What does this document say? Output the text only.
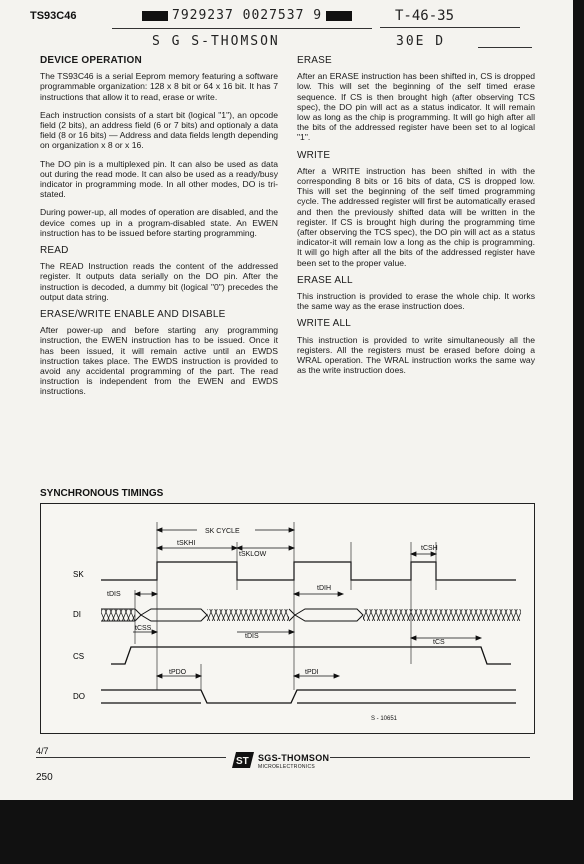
TS93C46	7929237 0027537 9	T-46-35
S G S-THOMSON	30E D
DEVICE OPERATION

The TS93C46 is a serial Eeprom memory featuring a software programmable organization: 128 x 8 bit or 64 x 16 bit. It has 7 instructions that allow it to read, erase or write.

Each instruction consists of a start bit (logical "1"), an opcode field (2 bits), an address field (6 or 7 bits) and optionaly a data field (8 or 16 bits) — Address and data fields length depending on organization x 8 or x 16.

The DO pin is a multiplexed pin. It can also be used as data out during the read mode. It can also be used as a ready/busy indicator in programming mode. In all other modes, DO is tri-stated.

During power-up, all modes of operation are disabled, and the device comes up in a program-disabled state. An EWEN instruction has to be issued before starting programming.

READ

The READ Instruction reads the content of the addressed register. It outputs data serially on the DO pin. After the instruction is decoded, a dummy bit (logical "0") precedes the output data string.

ERASE/WRITE ENABLE AND DISABLE

After power-up and before starting any programming instruction, the EWEN instruction has to be issued. Once it has been issued, it will remain active until an EWDS instruction takes place. The EWDS instruction is provided to avoid any accidental programming of the part. The read instruction is independent from the EWEN and EWDS instructions.

ERASE

After an ERASE instruction has been shifted in, CS is dropped low. This will set the beginning of the self timed erase sequence. If CS is then brought high (after observing TCS spec), the DO pin will act as a status indicator. It will remain low as long as the chip is programming. It will go high after all the bits of the addressed register have been set to al logical "1".

WRITE

After a WRITE instruction has been shifted in with the corresponding 8 bits or 16 bits of data, CS is dropped low. This will set the beginning of the self timed programming cycle. The addressed register will first be automatically erased and then the previously shifted data will be written in the register. If CS is brought high during the programming time (after observing the TCS spec), the DO pin will act as a status indicator-it will remain low a long as the chip is programming. It will go high after all the bits of the addressed register have been set to the proper value.

ERASE ALL

This instruction is provided to erase the whole chip. It works the same way as the erase instruction does.

WRITE ALL

This instruction is provided to write simultaneously all the registers. All the registers must be erased before doing a WRAL operation. The WRAL instruction works the same way as the write instruction does.

SYNCHRONOUS TIMINGS
SK
DI
CS
DO
SK CYCLE
tSKHI
tSKLOW
tCSH
tDIS
tDIH
tCSS
tDIS
tCS
tPDO	tPDI
S - 10651
4/7
250
ST SGS-THOMSON
MICROELECTRONICS
